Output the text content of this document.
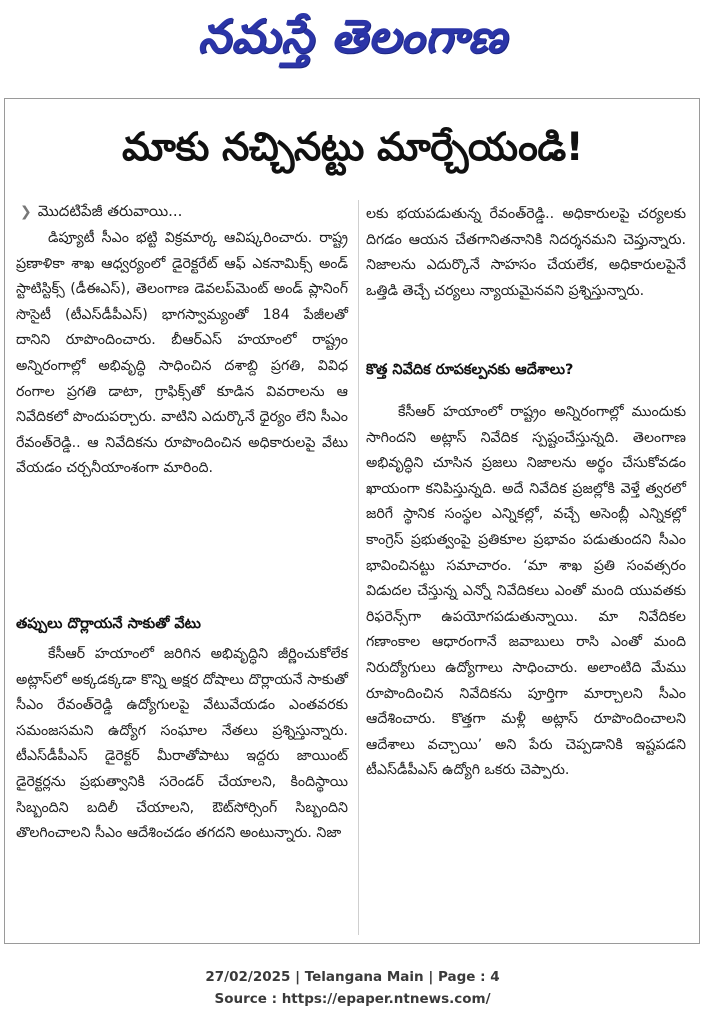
నమస్తే తెలంగాణ
మాకు నచ్చినట్టు మార్చేయండి!
❯ మొదటిపేజీ తరువాయి...

డిప్యూటీ సీఎం భట్టి విక్రమార్క ఆవిష్కరించారు. రాష్ట్ర ప్రణాళికా శాఖ ఆధ్వర్యంలో డైరెక్టరేట్ ఆఫ్ ఎకనామిక్స్ అండ్ స్టాటిస్టిక్స్ (డీఈఎస్), తెలంగాణ డెవలప్‌మెంట్ అండ్ ప్లానింగ్ సొసైటీ (టీఎస్‌డీపీఎస్) భాగస్వామ్యంతో 184 పేజీలతో దానిని రూపొందించారు. బీఆర్‌ఎస్ హయాంలో రాష్ట్రం అన్నిరంగాల్లో అభివృద్ధి సాధించిన దశాబ్ది ప్రగతి, వివిధ రంగాల ప్రగతి డాటా, గ్రాఫిక్స్‌తో కూడిన వివరాలను ఆ నివేదికలో పొందుపర్చారు. వాటిని ఎదుర్కొనే ధైర్యం లేని సీఎం రేవంత్‌రెడ్డి.. ఆ నివేదికను రూపొందించిన అధికారులపై వేటు వేయడం చర్చనీయాంశంగా మారింది.

తప్పులు దొర్లాయనే సాకుతో వేటు

కేసీఆర్ హయాంలో జరిగిన అభివృద్ధిని జీర్ణించుకోలేక అట్లాస్‌లో అక్కడక్కడా కొన్ని అక్షర దోషాలు దొర్లాయనే సాకుతో సీఎం రేవంత్‌రెడ్డి ఉద్యోగులపై వేటువేయడం ఎంతవరకు సమంజసమని ఉద్యోగ సంఘాల నేతలు ప్రశ్నిస్తున్నారు. టీఎస్‌డీపీఎస్ డైరెక్టర్ మీరాతోపాటు ఇద్దరు జాయింట్ డైరెక్టర్లను ప్రభుత్వానికి సరెండర్ చేయాలని, కిందిస్థాయి సిబ్బందిని బదిలీ చేయాలని, ఔట్‌సోర్సింగ్ సిబ్బందిని తొలగించాలని సీఎం ఆదేశించడం తగదని అంటున్నారు. నిజా

లకు భయపడుతున్న రేవంత్‌రెడ్డి.. అధికారులపై చర్యలకు దిగడం ఆయన చేతగానితనానికి నిదర్శనమని చెప్తున్నారు. నిజాలను ఎదుర్కొనే సాహసం చేయలేక, అధికారులపైనే ఒత్తిడి తెచ్చే చర్యలు న్యాయమైనవని ప్రశ్నిస్తున్నారు.

కొత్త నివేదిక రూపకల్పనకు ఆదేశాలు?

కేసీఆర్ హయాంలో రాష్ట్రం అన్నిరంగాల్లో ముందుకు సాగిందని అట్లాస్ నివేదిక స్పష్టంచేస్తున్నది. తెలంగాణ అభివృద్ధిని చూసిన ప్రజలు నిజాలను అర్థం చేసుకోవడం ఖాయంగా కనిపిస్తున్నది. అదే నివేదిక ప్రజల్లోకి వెళ్తే త్వరలో జరిగే స్థానిక సంస్థల ఎన్నికల్లో, వచ్చే అసెంబ్లీ ఎన్నికల్లో కాంగ్రెస్ ప్రభుత్వంపై ప్రతికూల ప్రభావం పడుతుందని సీఎం భావించినట్టు సమాచారం. ‘మా శాఖ ప్రతి సంవత్సరం విడుదల చేస్తున్న ఎన్నో నివేదికలు ఎంతో మంది యువతకు రిఫరెన్స్‌గా ఉపయోగపడుతున్నాయి. మా నివేదికల గణాంకాల ఆధారంగానే జవాబులు రాసి ఎంతో మంది నిరుద్యోగులు ఉద్యోగాలు సాధించారు. అలాంటిది మేము రూపొందించిన నివేదికను పూర్తిగా మార్చాలని సీఎం ఆదేశించారు. కొత్తగా మళ్లీ అట్లాస్ రూపొందించాలని ఆదేశాలు వచ్చాయి’ అని పేరు చెప్పడానికి ఇష్టపడని టీఎస్‌డీపీఎస్ ఉద్యోగి ఒకరు చెప్పారు.

27/02/2025 | Telangana Main | Page : 4
Source : https://epaper.ntnews.com/
